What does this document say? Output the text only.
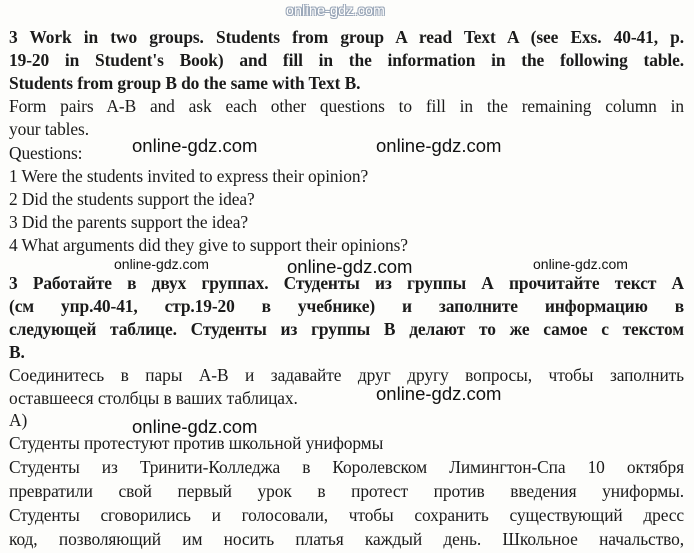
online-gdz.com
3 Work in two groups. Students from group A read Text A (see Exs. 40-41, p.
19-20 in Student's Book) and fill in the information in the following table.
Students from group B do the same with Text B.
Form pairs A-B and ask each other questions to fill in the remaining column in
your tables.
Questions:	online-gdz.com	online-gdz.com
1 Were the students invited to express their opinion?
2 Did the students support the idea?
3 Did the parents support the idea?
4 What arguments did they give to support their opinions?
online-gdz.com	online-gdz.com	online-gdz.com
3 Работайте в двух группах. Студенты из группы А прочитайте текст А
(см упр.40-41, стр.19-20 в учебнике) и заполните информацию в
следующей таблице. Студенты из группы В делают то же самое с текстом
В.
Соединитесь в пары А-В и задавайте друг другу вопросы, чтобы заполнить
оставшееся столбцы в ваших таблицах.	online-gdz.com
А)	online-gdz.com
Студенты протестуют против школьной униформы
Студенты из Тринити-Колледжа в Королевском Лимингтон-Спа 10 октября
превратили свой первый урок в протест против введения униформы.
Студенты сговорились и голосовали, чтобы сохранить существующий дресс
код, позволяющий им носить платья каждый день. Школьное начальство,
